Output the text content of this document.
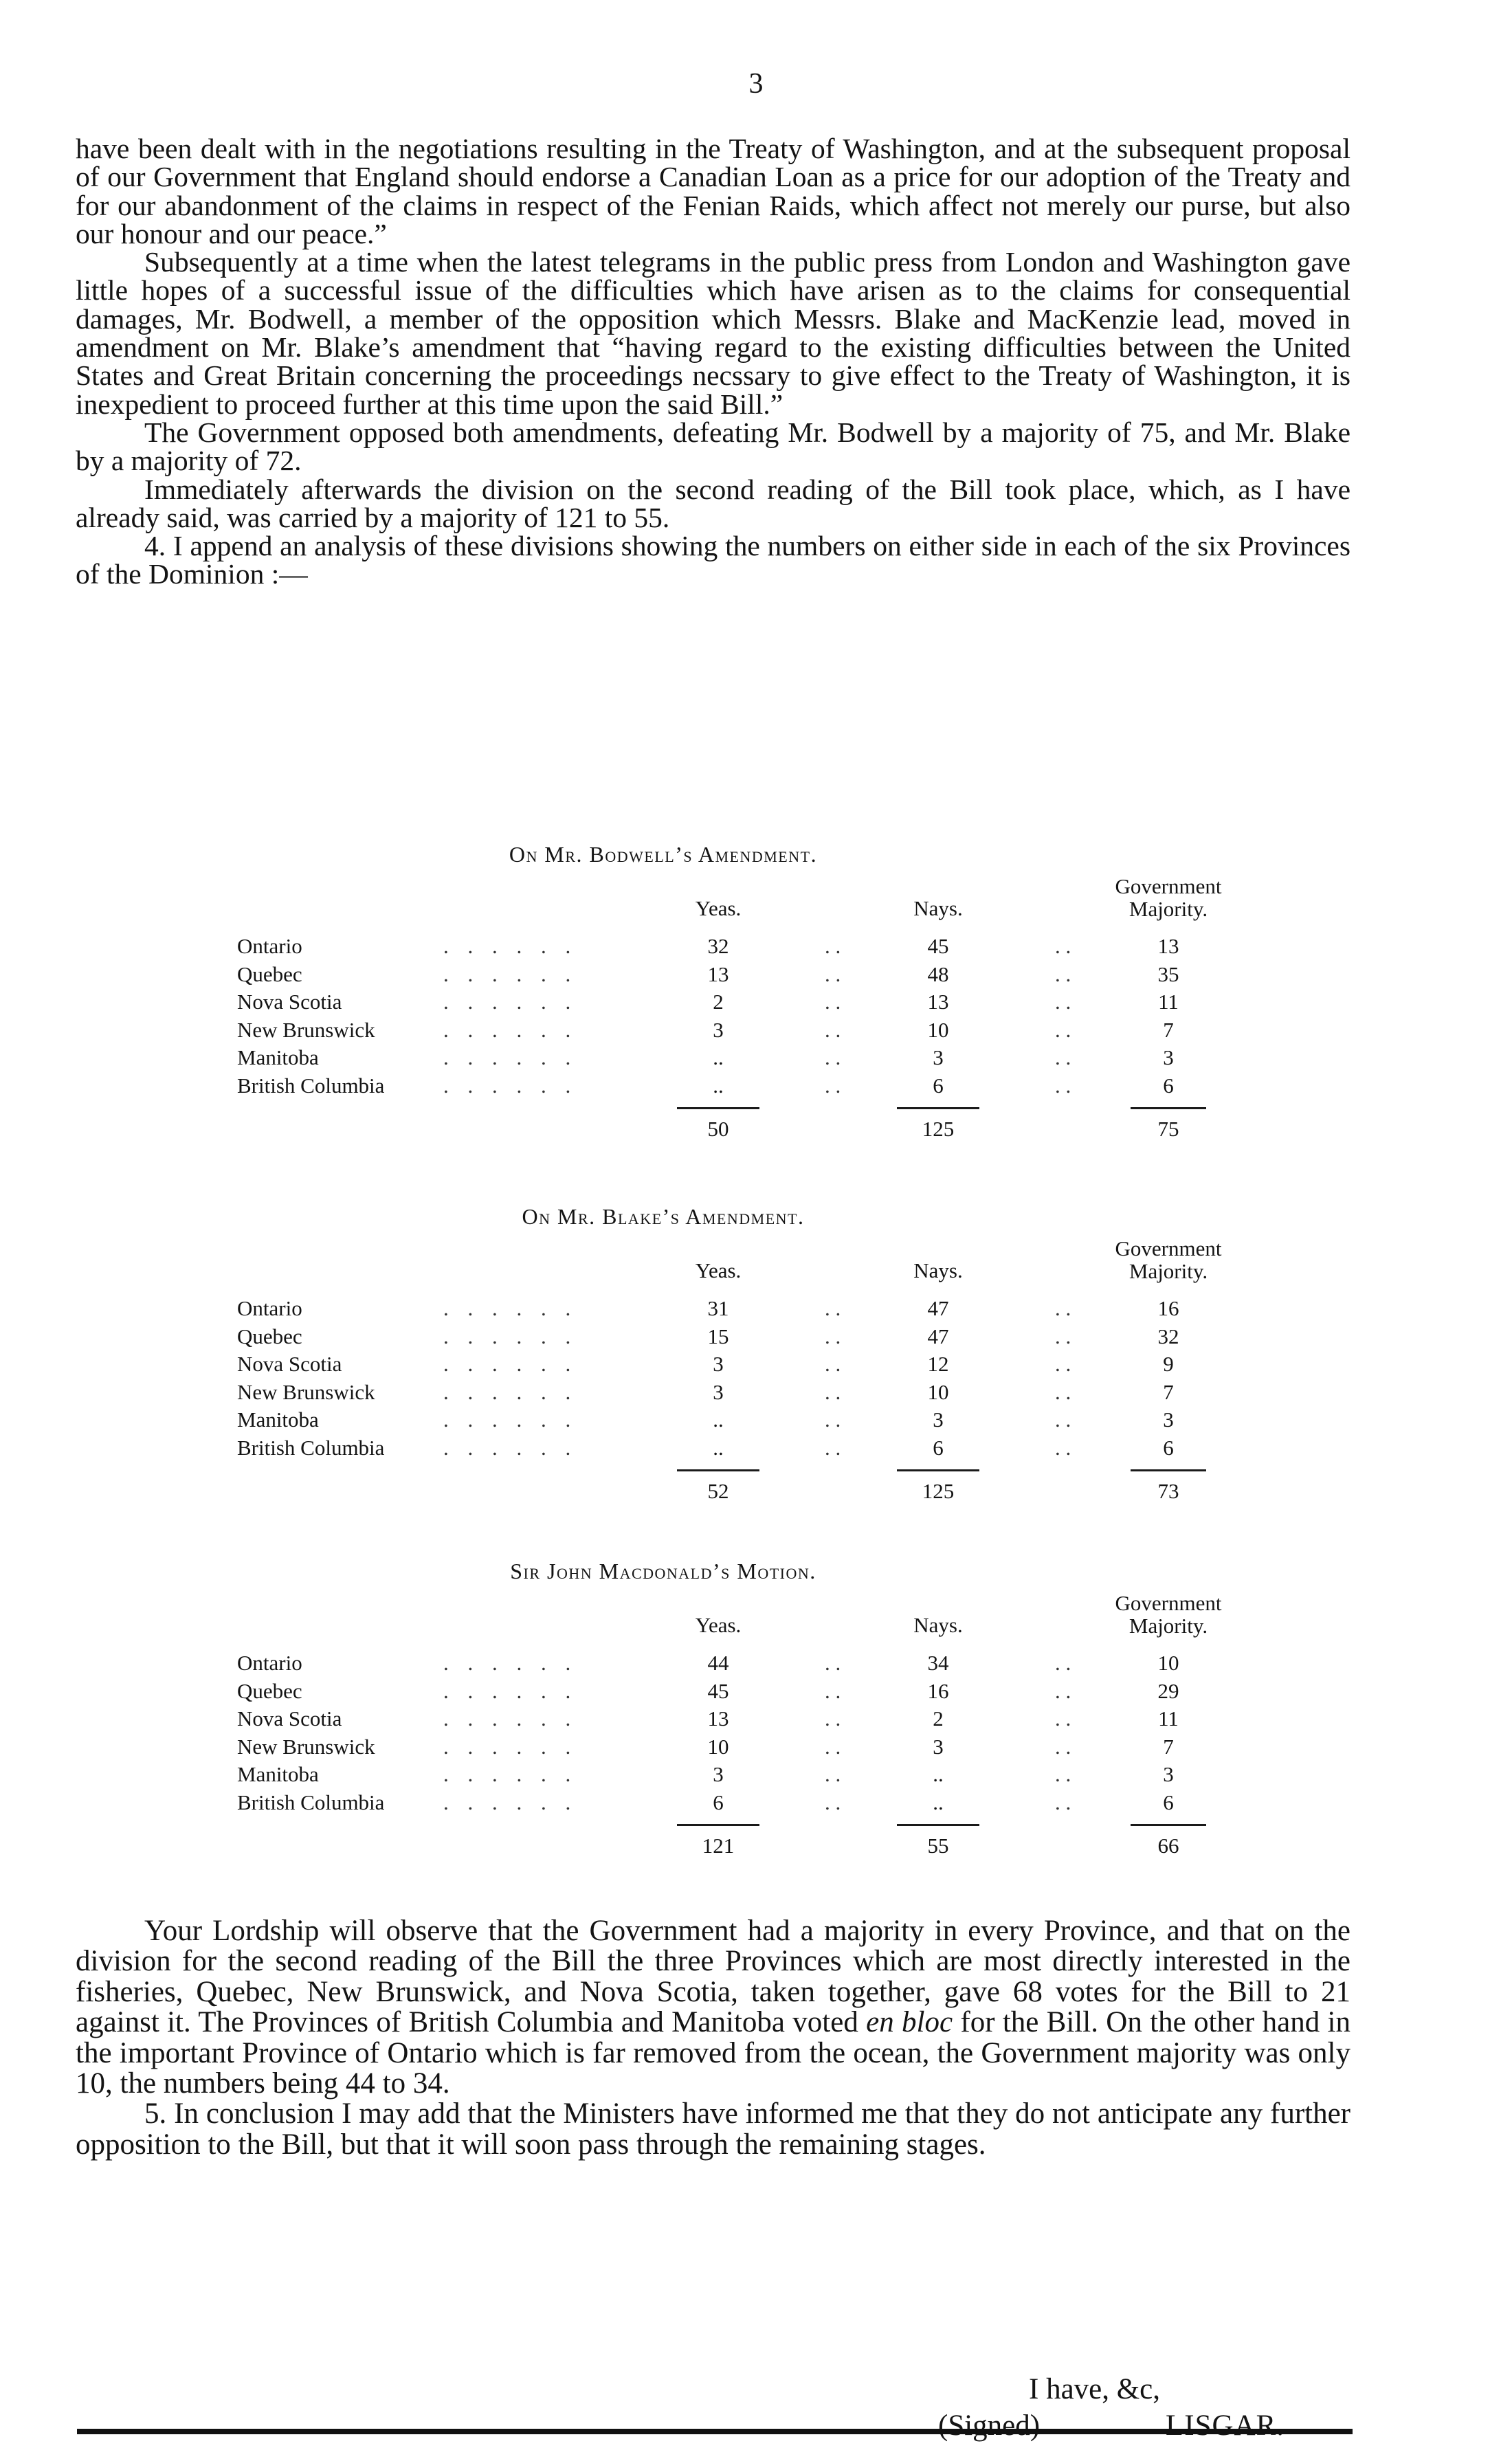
3

have been dealt with in the negotiations resulting in the Treaty of Washington, and at the subsequent proposal of our Government that England should endorse a Canadian Loan as a price for our adoption of the Treaty and for our abandonment of the claims in respect of the Fenian Raids, which affect not merely our purse, but also our honour and our peace.”

Subsequently at a time when the latest telegrams in the public press from London and Washington gave little hopes of a successful issue of the difficulties which have arisen as to the claims for consequential damages, Mr. Bodwell, a member of the opposition which Messrs. Blake and MacKenzie lead, moved in amendment on Mr. Blake’s amendment that “having regard to the existing difficulties between the United States and Great Britain concerning the proceedings necssary to give effect to the Treaty of Washington, it is inexpedient to proceed further at this time upon the said Bill.”

The Government opposed both amendments, defeating Mr. Bodwell by a majority of 75, and Mr. Blake by a majority of 72.

Immediately afterwards the division on the second reading of the Bill took place, which, as I have already said, was carried by a majority of 121 to 55.

4. I append an analysis of these divisions showing the numbers on either side in each of the six Provinces of the Dominion :—

On Mr. Bodwell’s Amendment.
Yeas.	Nays.
Government Majority.
Ontario	. . . . . .	32	. .	45	. .	13
Quebec	. . . . . .	13	. .	48	. .	35
Nova Scotia	. . . . . .	2	. .	13	. .	11
New Brunswick	. . . . . .	3	. .	10	. .	7
Manitoba	. . . . . .	..	. .	3	. .	3
British Columbia	. . . . . .	..	. .	6	. .	6
50	125	75
On Mr. Blake’s Amendment.
Yeas.	Nays.
Government Majority.
Ontario	. . . . . .	31	. .	47	. .	16
Quebec	. . . . . .	15	. .	47	. .	32
Nova Scotia	. . . . . .	3	. .	12	. .	9
New Brunswick	. . . . . .	3	. .	10	. .	7
Manitoba	. . . . . .	..	. .	3	. .	3
British Columbia	. . . . . .	..	. .	6	. .	6
52	125	73
Sir John Macdonald’s Motion.
Yeas.	Nays.
Government Majority.
Ontario	. . . . . .	44	. .	34	. .	10
Quebec	. . . . . .	45	. .	16	. .	29
Nova Scotia	. . . . . .	13	. .	2	. .	11
New Brunswick	. . . . . .	10	. .	3	. .	7
Manitoba	. . . . . .	3	. .	..	. .	3
British Columbia	. . . . . .	6	. .	..	. .	6
121	55	66

Your Lordship will observe that the Government had a majority in every Province, and that on the division for the second reading of the Bill the three Provinces which are most directly interested in the fisheries, Quebec, New Brunswick, and Nova Scotia, taken together, gave 68 votes for the Bill to 21 against it. The Provinces of British Columbia and Manitoba voted en bloc for the Bill. On the other hand in the important Province of Ontario which is far removed from the ocean, the Government majority was only 10, the numbers being 44 to 34.

5. In conclusion I may add that the Ministers have informed me that they do not anticipate any further opposition to the Bill, but that it will soon pass through the remaining stages.

I have, &c,
(Signed)	LISGAR.
